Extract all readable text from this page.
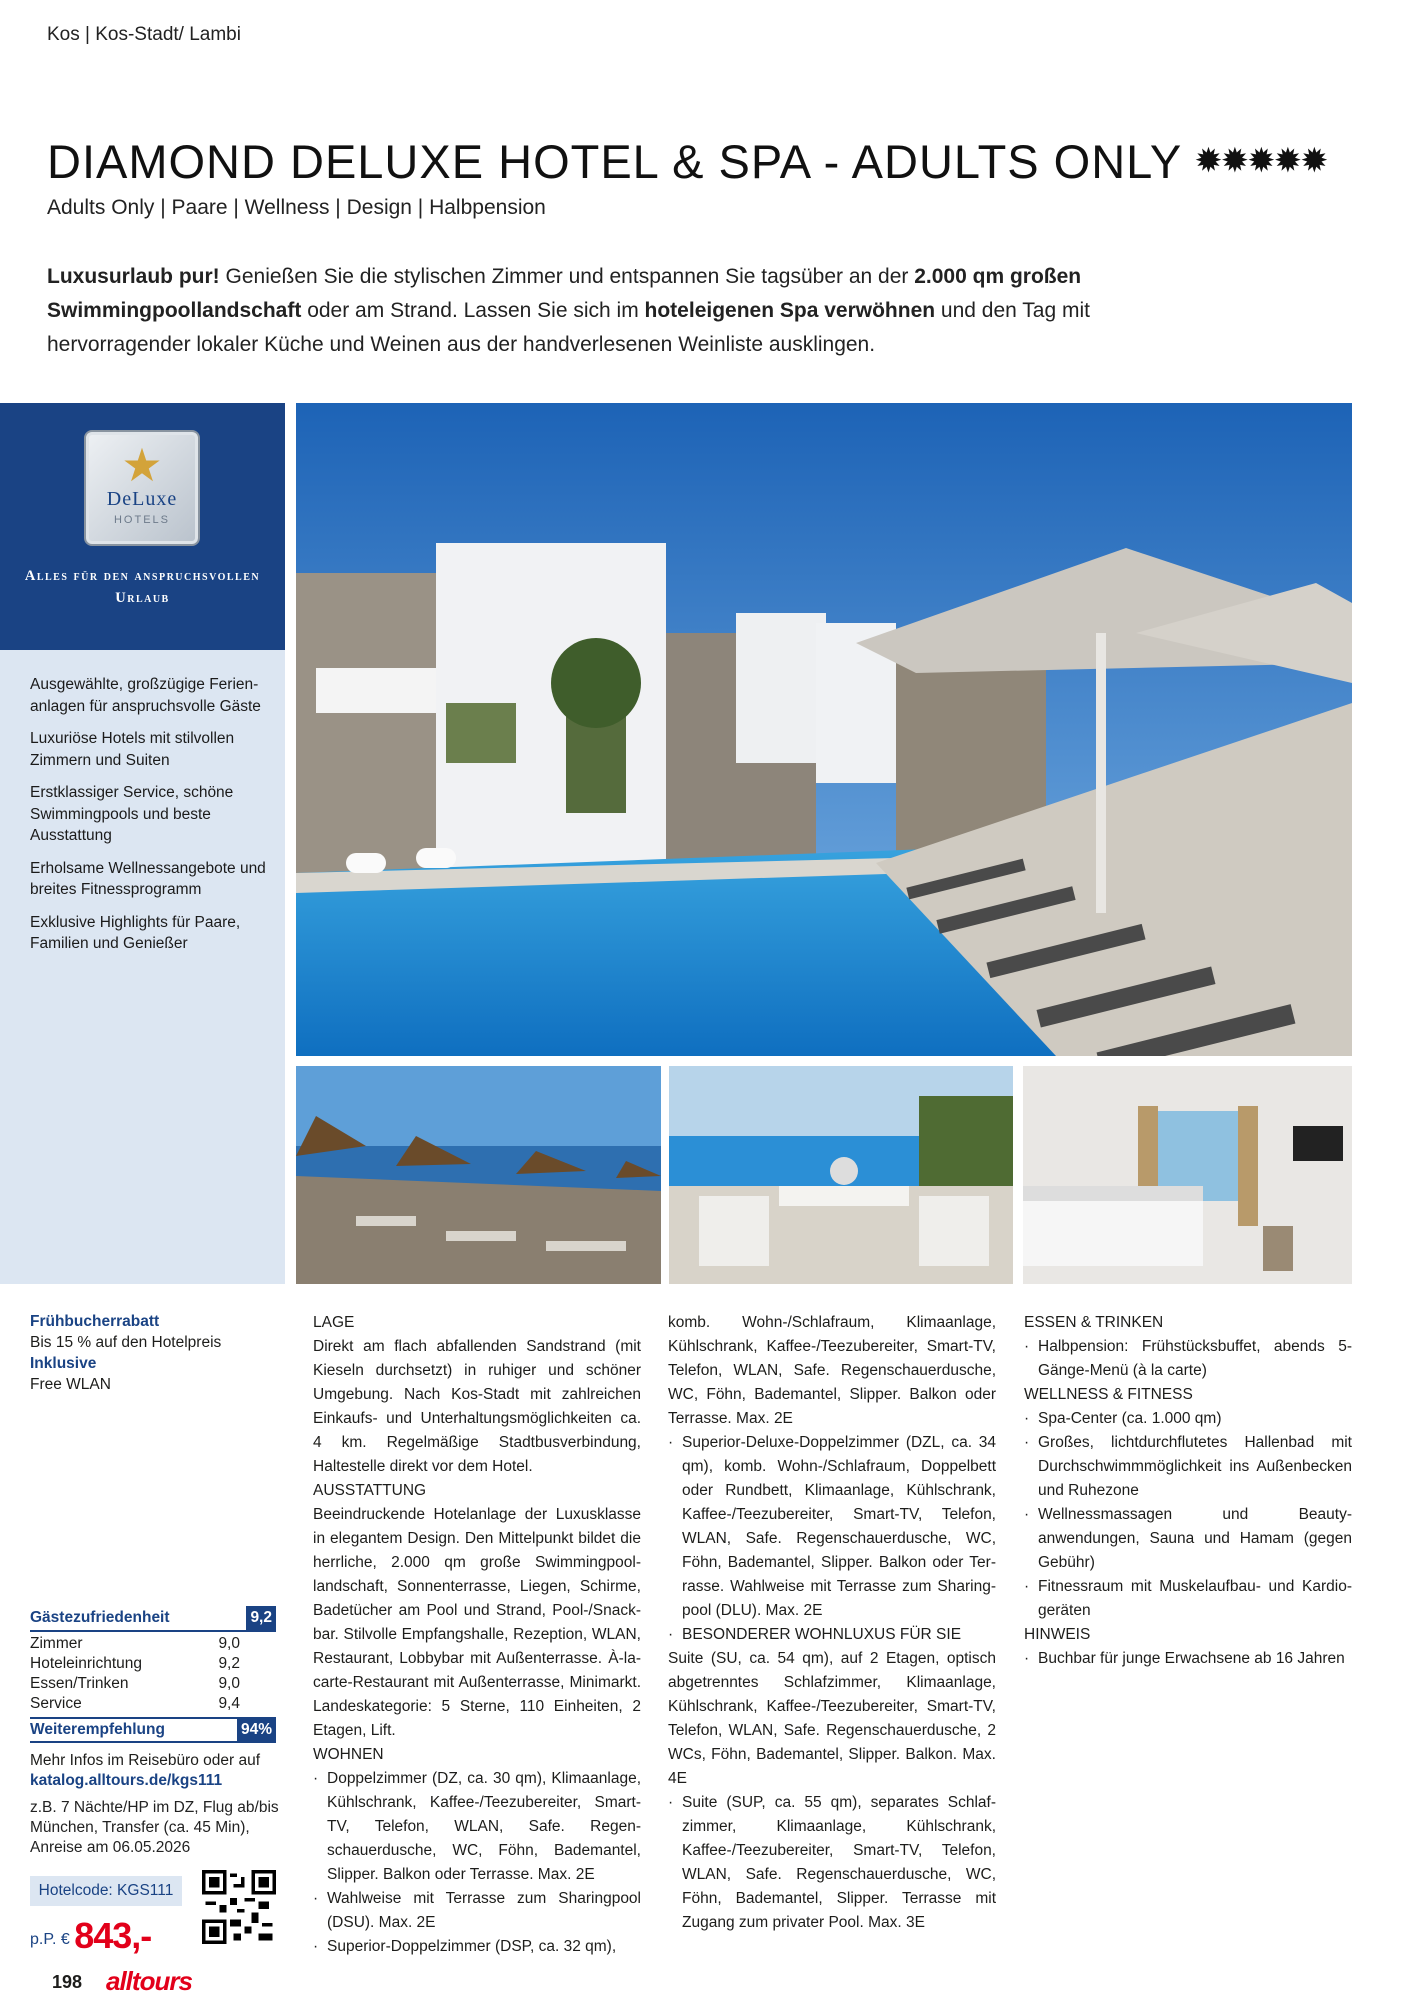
Kos | Kos-Stadt/ Lambi
DIAMOND DELUXE HOTEL & SPA - ADULTS ONLY ✹✹✹✹✹
Adults Only | Paare | Wellness | Design | Halbpension

Luxusurlaub pur! Genießen Sie die stylischen Zimmer und entspannen Sie tagsüber an der 2.000 qm großen Swimmingpoollandschaft oder am Strand. Lassen Sie sich im hoteleigenen Spa verwöhnen und den Tag mit hervorragender lokaler Küche und Weinen aus der handverlesenen Weinliste ausklingen.

★
DeLuxe
HOTELS
Alles für den anspruchsvollen Urlaub
Ausgewählte, großzügige Ferienanlagen für anspruchsvolle Gäste
Luxuriöse Hotels mit stilvollen Zimmern und Suiten
Erstklassiger Service, schöne Swimmingpools und beste Ausstattung
Erholsame Wellnessangebote und breites Fitnessprogramm
Exklusive Highlights für Paare, Familien und Genießer
Frühbucherrabatt
Bis 15 % auf den Hotelpreis
Inklusive
Free WLAN
Gästezufriedenheit	9,2
Zimmer	9,0
Hoteleinrichtung	9,2
Essen/Trinken	9,0
Service	9,4
Weiterempfehlung	94%
Mehr Infos im Reisebüro oder auf
katalog.alltours.de/kgs111
z.B. 7 Nächte/HP im DZ, Flug ab/bis München, Transfer (ca. 45 Min), Anreise am 06.05.2026
Hotelcode: KGS111
p.P. € 843,-
198 alltours
LAGE

Direkt am flach abfallenden Sandstrand (mit Kieseln durchsetzt) in ruhiger und schöner Umgebung. Nach Kos-Stadt mit zahlreichen Einkaufs- und Unterhaltungsmöglichkeiten ca. 4 km. Regelmäßige Stadtbusverbindung, Haltestelle direkt vor dem Hotel.

AUSSTATTUNG

Beeindruckende Hotelanlage der Luxusklasse in elegantem Design. Den Mittelpunkt bildet die herrliche, 2.000 qm große Swimmingpoollandschaft, Sonnenterrasse, Liegen, Schirme, Badetücher am Pool und Strand, Pool-/Snackbar. Stilvolle Empfangshalle, Rezeption, WLAN, Restaurant, Lobbybar mit Außenterrasse. À-la-carte-Restaurant mit Außenterrasse, Minimarkt. Landeskategorie: 5 Sterne, 110 Einheiten, 2 Etagen, Lift.

WOHNEN
· Doppelzimmer (DZ, ca. 30 qm), Klimaanlage, Kühlschrank, Kaffee-/Teezubereiter, Smart-TV, Telefon, WLAN, Safe. Regenschauerdusche, WC, Föhn, Bademantel, Slipper. Balkon oder Terrasse. Max. 2E
· Wahlweise mit Terrasse zum Sharingpool (DSU). Max. 2E
· Superior-Doppelzimmer (DSP, ca. 32 qm),

komb. Wohn-/Schlafraum, Klimaanlage, Kühlschrank, Kaffee-/Teezubereiter, Smart-TV, Telefon, WLAN, Safe. Regenschauerdusche, WC, Föhn, Bademantel, Slipper. Balkon oder Terrasse. Max. 2E

· Superior-Deluxe-Doppelzimmer (DZL, ca. 34 qm), komb. Wohn-/Schlafraum, Doppelbett oder Rundbett, Klimaanlage, Kühlschrank, Kaffee-/Teezubereiter, Smart-TV, Telefon, WLAN, Safe. Regenschauerdusche, WC, Föhn, Bademantel, Slipper. Balkon oder Terrasse. Wahlweise mit Terrasse zum Sharingpool (DLU). Max. 2E
· BESONDERER WOHNLUXUS FÜR SIE

Suite (SU, ca. 54 qm), auf 2 Etagen, optisch abgetrenntes Schlafzimmer, Klimaanlage, Kühlschrank, Kaffee-/Teezubereiter, Smart-TV, Telefon, WLAN, Safe. Regenschauerdusche, 2 WCs, Föhn, Bademantel, Slipper. Balkon. Max. 4E

· Suite (SUP, ca. 55 qm), separates Schlafzimmer, Klimaanlage, Kühlschrank, Kaffee-/Teezubereiter, Smart-TV, Telefon, WLAN, Safe. Regenschauerdusche, WC, Föhn, Bademantel, Slipper. Terrasse mit Zugang zum privater Pool. Max. 3E
ESSEN & TRINKEN
· Halbpension: Frühstücksbuffet, abends 5-Gänge-Menü (à la carte)
WELLNESS & FITNESS
· Spa-Center (ca. 1.000 qm)
· Großes, lichtdurchflutetes Hallenbad mit Durchschwimmmöglichkeit ins Außenbecken und Ruhezone
· Wellnessmassagen und Beautyanwendungen, Sauna und Hamam (gegen Gebühr)
· Fitnessraum mit Muskelaufbau- und Kardiogeräten
HINWEIS
· Buchbar für junge Erwachsene ab 16 Jahren
